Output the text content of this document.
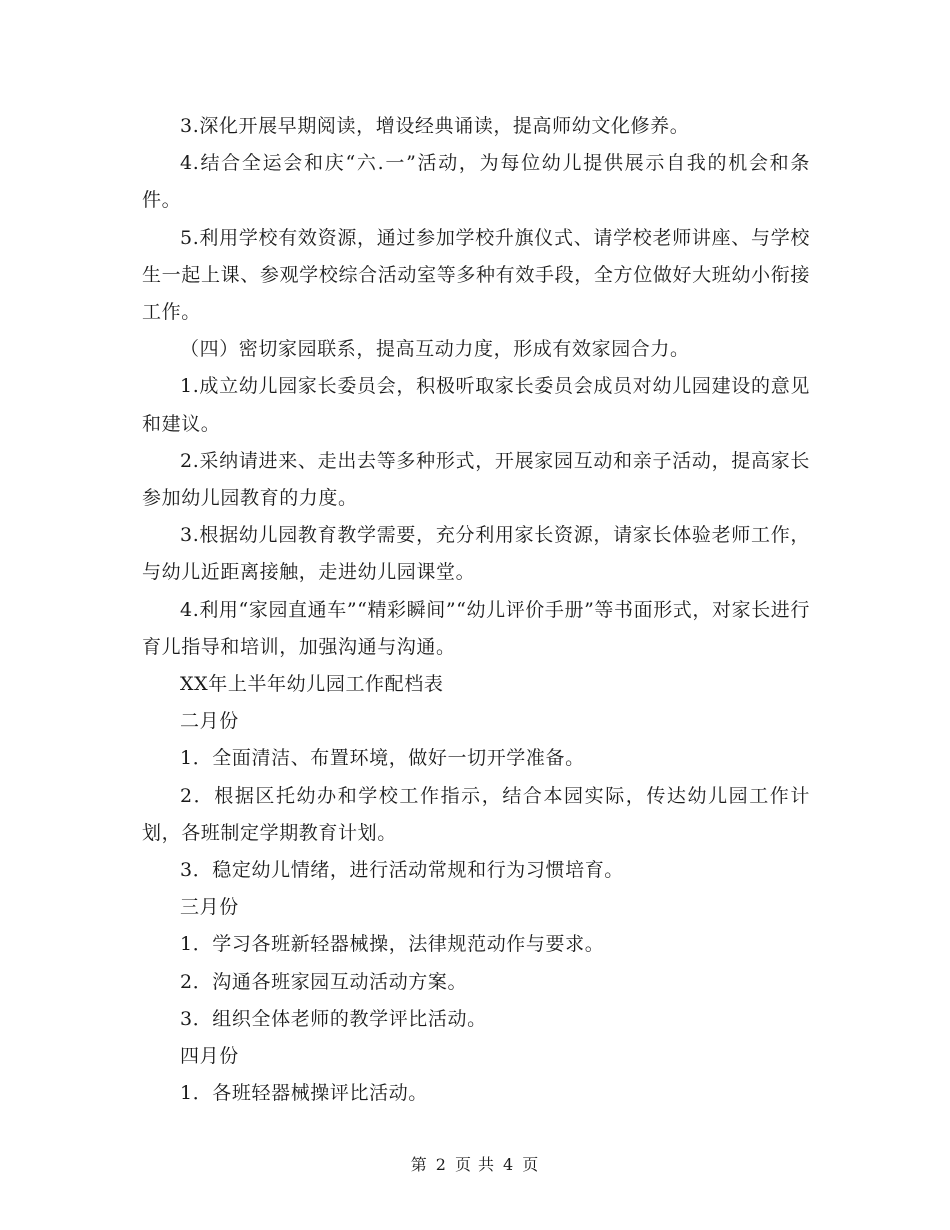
3.深化开展早期阅读，增设经典诵读，提高师幼文化修养。

4.结合全运会和庆“六.一”活动，为每位幼儿提供展示自我的机会和条件。

5.利用学校有效资源，通过参加学校升旗仪式、请学校老师讲座、与学校生一起上课、参观学校综合活动室等多种有效手段，全方位做好大班幼小衔接工作。

（四）密切家园联系，提高互动力度，形成有效家园合力。

1.成立幼儿园家长委员会，积极听取家长委员会成员对幼儿园建设的意见和建议。

2.采纳请进来、走出去等多种形式，开展家园互动和亲子活动，提高家长参加幼儿园教育的力度。

3.根据幼儿园教育教学需要，充分利用家长资源，请家长体验老师工作，与幼儿近距离接触，走进幼儿园课堂。

4.利用“家园直通车”“精彩瞬间”“幼儿评价手册”等书面形式，对家长进行育儿指导和培训，加强沟通与沟通。

XX年上半年幼儿园工作配档表

二月份

1．全面清洁、布置环境，做好一切开学准备。

2．根据区托幼办和学校工作指示，结合本园实际，传达幼儿园工作计划，各班制定学期教育计划。

3．稳定幼儿情绪，进行活动常规和行为习惯培育。

三月份

1．学习各班新轻器械操，法律规范动作与要求。

2．沟通各班家园互动活动方案。

3．组织全体老师的教学评比活动。

四月份

1．各班轻器械操评比活动。

第 2 页 共 4 页
